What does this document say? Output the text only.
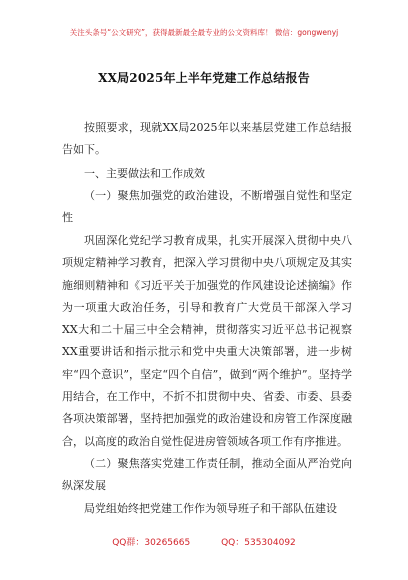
关注头条号“公文研究”，获得最新最全最专业的公文资料库！ 微信：gongwenyj
XX局2025年上半年党建工作总结报告
按照要求，现就XX局2025年以来基层党建工作总结报告如下。
一、主要做法和工作成效
（一）聚焦加强党的政治建设，不断增强自觉性和坚定性
巩固深化党纪学习教育成果，扎实开展深入贯彻中央八项规定精神学习教育，把深入学习贯彻中央八项规定及其实施细则精神和《习近平关于加强党的作风建设论述摘编》作为一项重大政治任务，引导和教育广大党员干部深入学习XX大和二十届三中全会精神，贯彻落实习近平总书记视察XX重要讲话和指示批示和党中央重大决策部署，进一步树牢“四个意识”，坚定“四个自信”，做到“两个维护”。坚持学用结合，在工作中，不折不扣贯彻中央、省委、市委、县委各项决策部署，坚持把加强党的政治建设和房管工作深度融合，以高度的政治自觉性促进房管领域各项工作有序推进。
（二）聚焦落实党建工作责任制，推动全面从严治党向纵深发展
局党组始终把党建工作作为领导班子和干部队伍建设
QQ群：30265665	QQ：535304092
